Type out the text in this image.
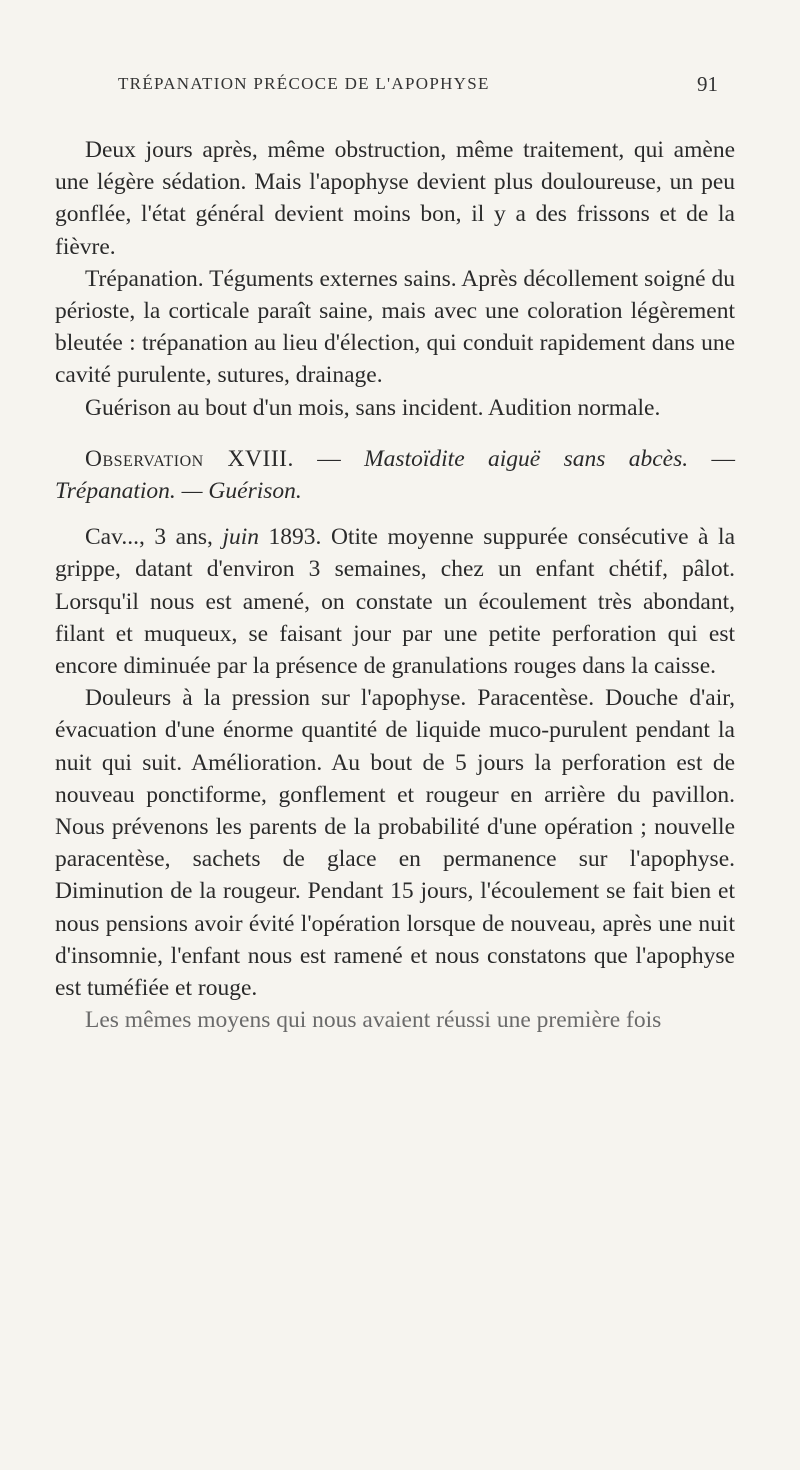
TRÉPANATION PRÉCOCE DE L'APOPHYSE	91

Deux jours après, même obstruction, même traitement, qui amène une légère sédation. Mais l'apophyse devient plus douloureuse, un peu gonflée, l'état général devient moins bon, il y a des frissons et de la fièvre.

Trépanation. Téguments externes sains. Après décollement soigné du périoste, la corticale paraît saine, mais avec une coloration légèrement bleutée : trépanation au lieu d'élection, qui conduit rapidement dans une cavité purulente, sutures, drainage.

Guérison au bout d'un mois, sans incident. Audition normale.

Observation XVIII. — Mastoïdite aiguë sans abcès. — Trépanation. — Guérison.

Cav..., 3 ans, juin 1893. Otite moyenne suppurée consécutive à la grippe, datant d'environ 3 semaines, chez un enfant chétif, pâlot. Lorsqu'il nous est amené, on constate un écoulement très abondant, filant et muqueux, se faisant jour par une petite perforation qui est encore diminuée par la présence de granulations rouges dans la caisse.

Douleurs à la pression sur l'apophyse. Paracentèse. Douche d'air, évacuation d'une énorme quantité de liquide muco-purulent pendant la nuit qui suit. Amélioration. Au bout de 5 jours la perforation est de nouveau ponctiforme, gonflement et rougeur en arrière du pavillon. Nous prévenons les parents de la probabilité d'une opération ; nouvelle paracentèse, sachets de glace en permanence sur l'apophyse. Diminution de la rougeur. Pendant 15 jours, l'écoulement se fait bien et nous pensions avoir évité l'opération lorsque de nouveau, après une nuit d'insomnie, l'enfant nous est ramené et nous constatons que l'apophyse est tuméfiée et rouge.

Les mêmes moyens qui nous avaient réussi une première fois
